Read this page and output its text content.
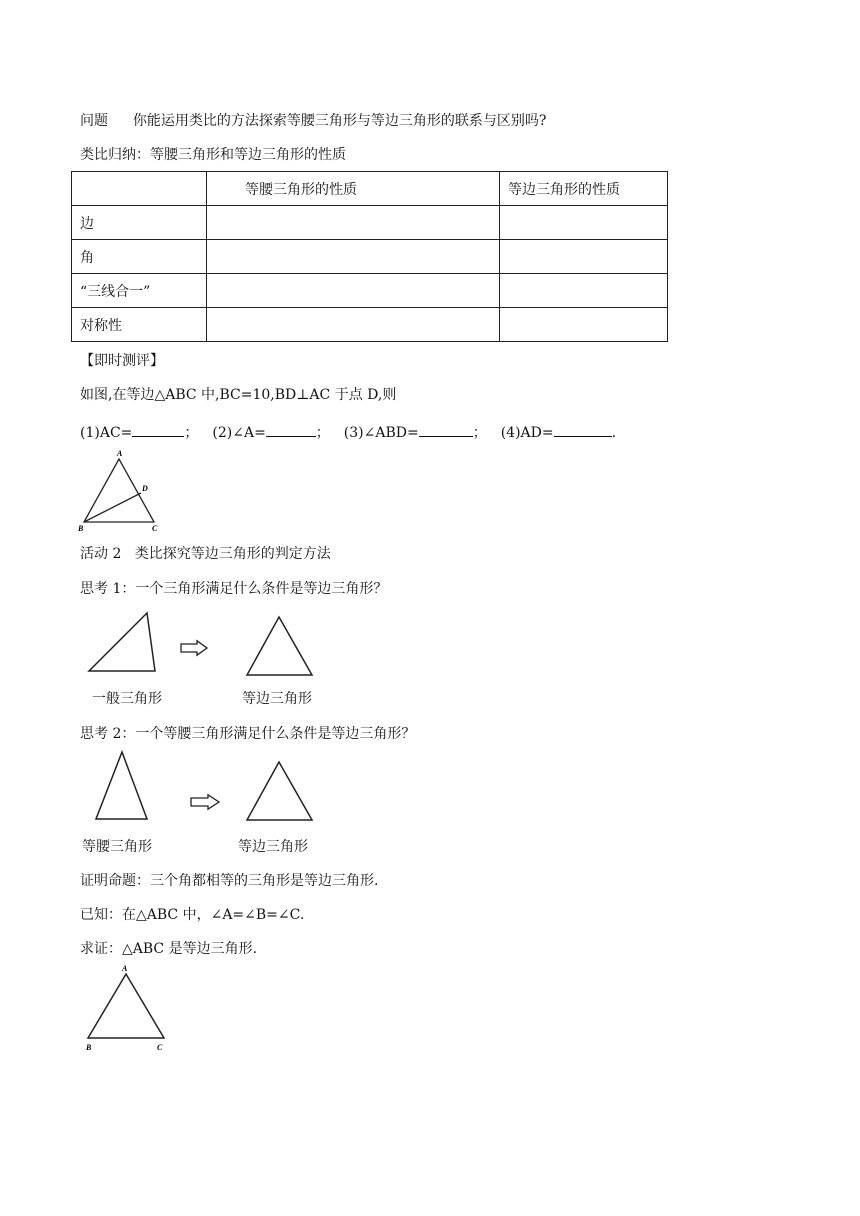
问题 你能运用类比的方法探索等腰三角形与等边三角形的联系与区别吗?
类比归纳：等腰三角形和等边三角形的性质
	等腰三角形的性质	等边三角形的性质
边		
角		
“三线合一”		
对称性		
【即时测评】
如图,在等边△ABC 中,BC=10,BD⊥AC 于点 D,则
(1)AC=	； (2)∠A=	； (3)∠ABD=	； (4)AD=	.
A
D
B	C
活动 2   类比探究等边三角形的判定方法
思考 1：一个三角形满足什么条件是等边三角形？
一般三角形	等边三角形
思考 2：一个等腰三角形满足什么条件是等边三角形？
等腰三角形	等边三角形
证明命题：三个角都相等的三角形是等边三角形.
已知：在△ABC 中，∠A=∠B=∠C.
求证：△ABC 是等边三角形.
A
B	C
